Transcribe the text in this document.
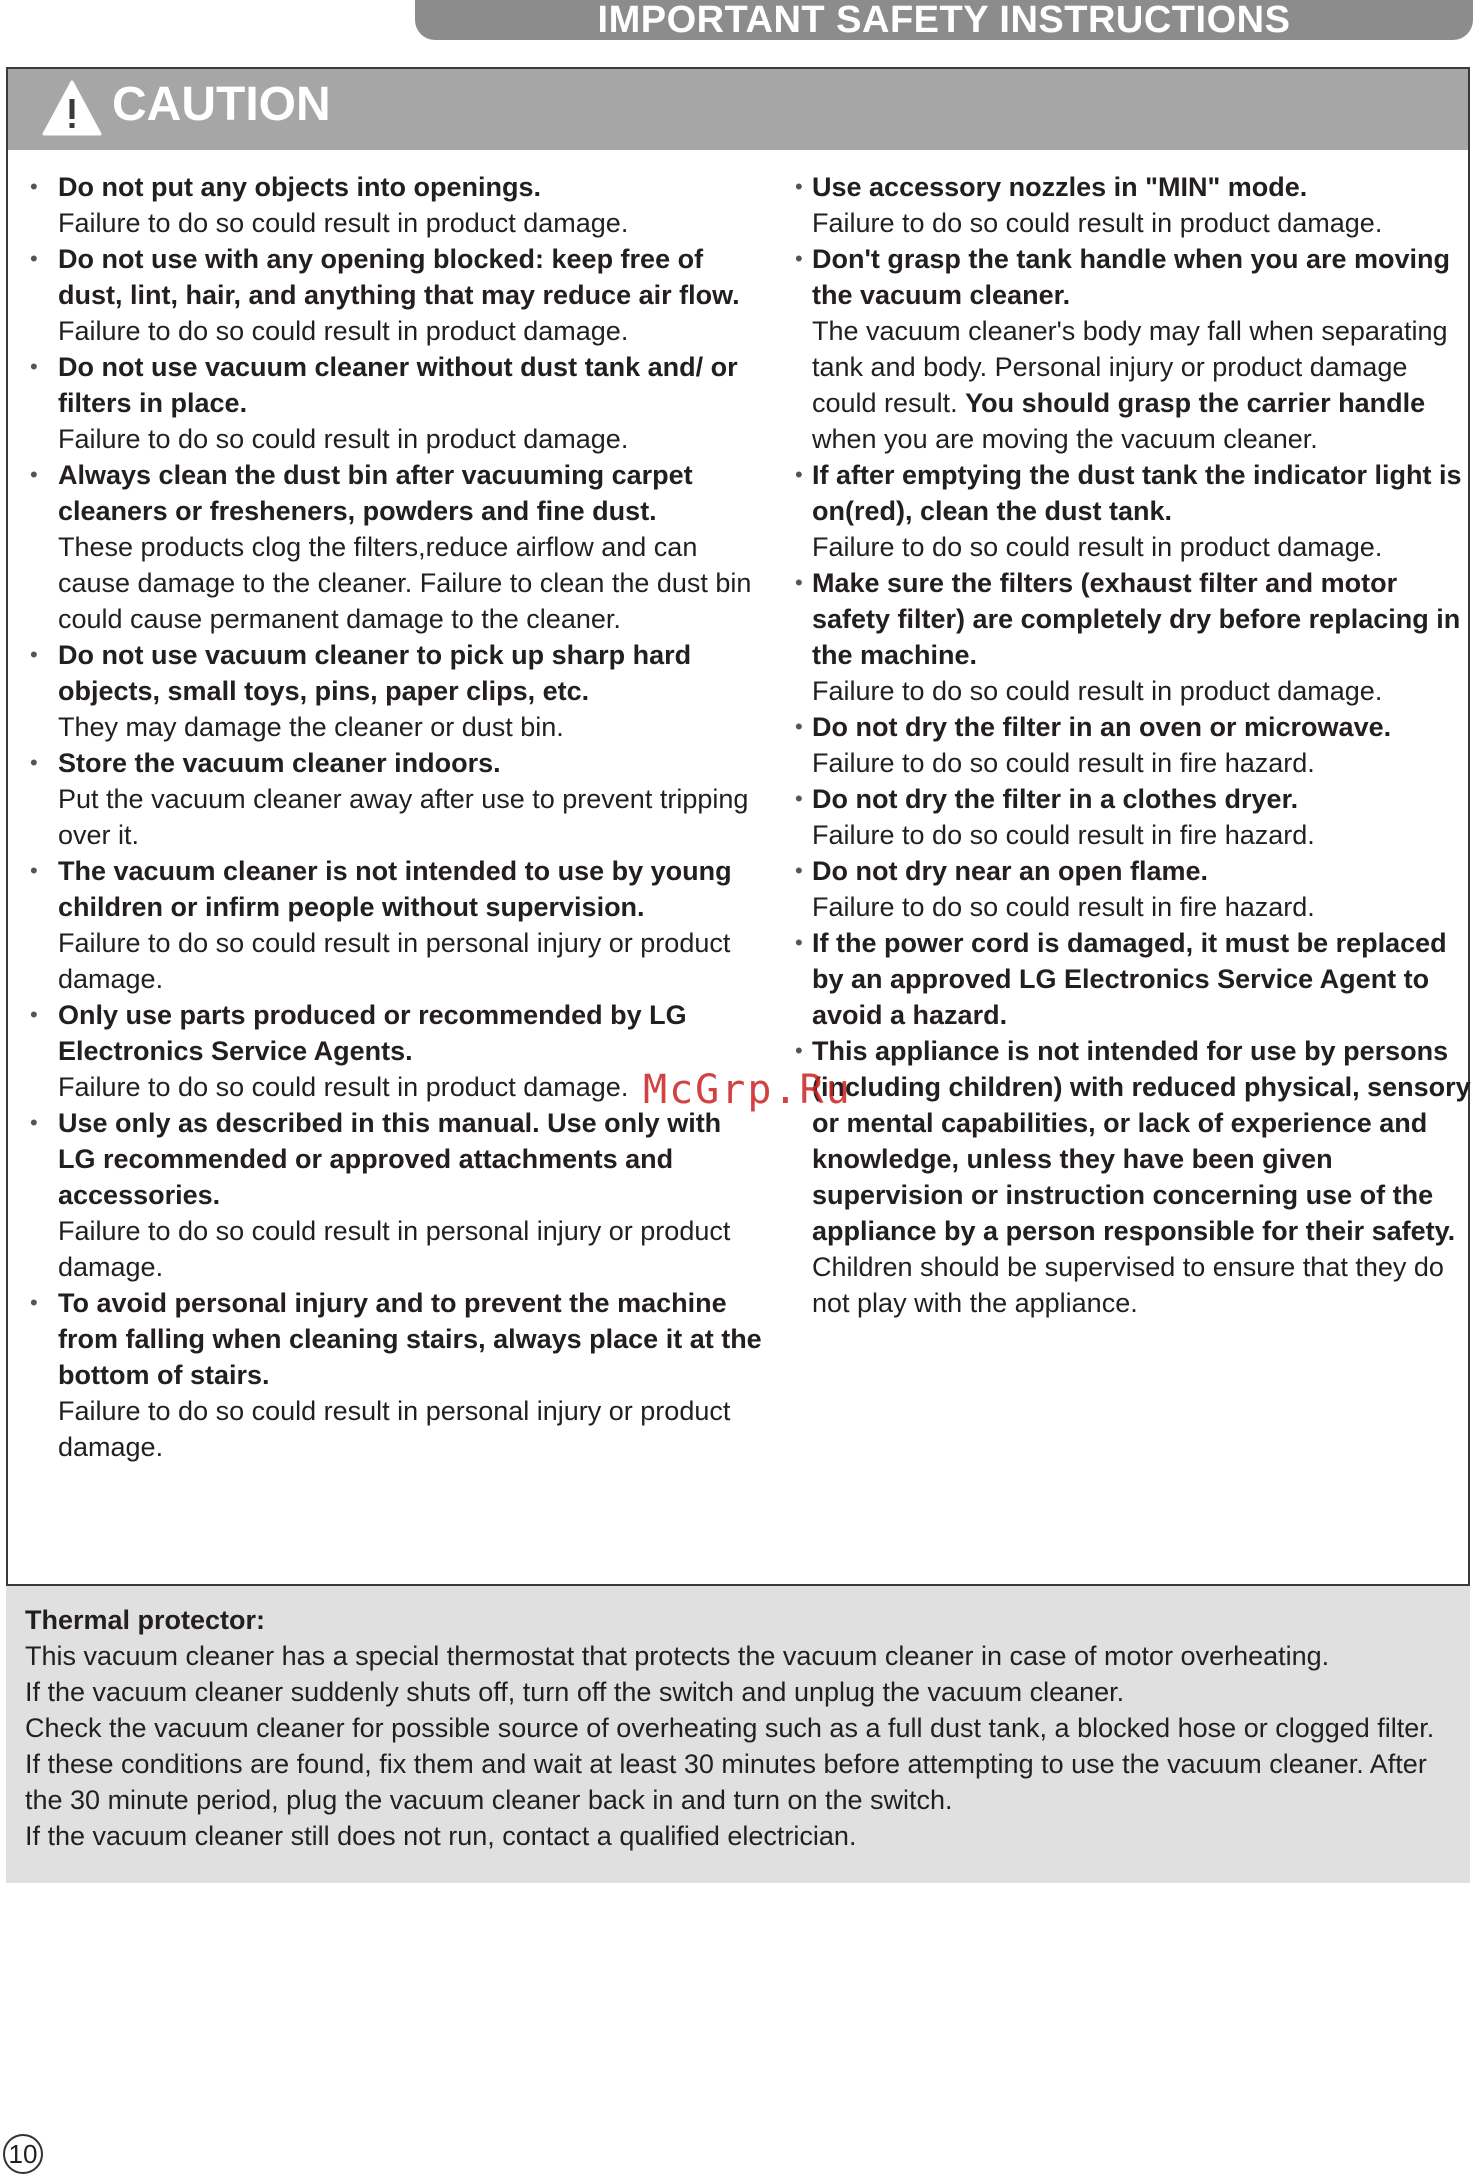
IMPORTANT SAFETY INSTRUCTIONS
CAUTION
• Do not put any objects into openings.
Failure to do so could result in product damage.
• Do not use with any opening blocked: keep free of dust, lint, hair, and anything that may reduce air flow.
Failure to do so could result in product damage.
• Do not use vacuum cleaner without dust tank and/ or filters in place.
Failure to do so could result in product damage.
• Always clean the dust bin after vacuuming carpet cleaners or fresheners, powders and fine dust.
These products clog the filters,reduce airflow and can cause damage to the cleaner. Failure to clean the dust bin could cause permanent damage to the cleaner.
• Do not use vacuum cleaner to pick up sharp hard objects, small toys, pins, paper clips, etc.
They may damage the cleaner or dust bin.
• Store the vacuum cleaner indoors.
Put the vacuum cleaner away after use to prevent tripping over it.
• The vacuum cleaner is not intended to use by young children or infirm people without supervision.
Failure to do so could result in personal injury or product damage.
• Only use parts produced or recommended by LG Electronics Service Agents.
Failure to do so could result in product damage.
• Use only as described in this manual. Use only with LG recommended or approved attachments and accessories.
Failure to do so could result in personal injury or product damage.
• To avoid personal injury and to prevent the machine from falling when cleaning stairs, always place it at the bottom of stairs.
Failure to do so could result in personal injury or product damage.
• Use accessory nozzles in "MIN" mode.
Failure to do so could result in product damage.
• Don't grasp the tank handle when you are moving the vacuum cleaner.
The vacuum cleaner's body may fall when separating tank and body. Personal injury or product damage could result. You should grasp the carrier handle when you are moving the vacuum cleaner.
• If after emptying the dust tank the indicator light is on(red), clean the dust tank.
Failure to do so could result in product damage.
• Make sure the filters (exhaust filter and motor safety filter) are completely dry before replacing in the machine.
Failure to do so could result in product damage.
• Do not dry the filter in an oven or microwave.
Failure to do so could result in fire hazard.
• Do not dry the filter in a clothes dryer.
Failure to do so could result in fire hazard.
• Do not dry near an open flame.
Failure to do so could result in fire hazard.
• If the power cord is damaged, it must be replaced by an approved LG Electronics Service Agent to avoid a hazard.
• This appliance is not intended for use by persons (including children) with reduced physical, sensory or mental capabilities, or lack of experience and knowledge, unless they have been given supervision or instruction concerning use of the appliance by a person responsible for their safety.
Children should be supervised to ensure that they do not play with the appliance.
Thermal protector:
This vacuum cleaner has a special thermostat that protects the vacuum cleaner in case of motor overheating.
If the vacuum cleaner suddenly shuts off, turn off the switch and unplug the vacuum cleaner.
Check the vacuum cleaner for possible source of overheating such as a full dust tank, a blocked hose or clogged filter. If these conditions are found, fix them and wait at least 30 minutes before attempting to use the vacuum cleaner. After the 30 minute period, plug the vacuum cleaner back in and turn on the switch.
If the vacuum cleaner still does not run, contact a qualified electrician.
McGrp.Ru
10
